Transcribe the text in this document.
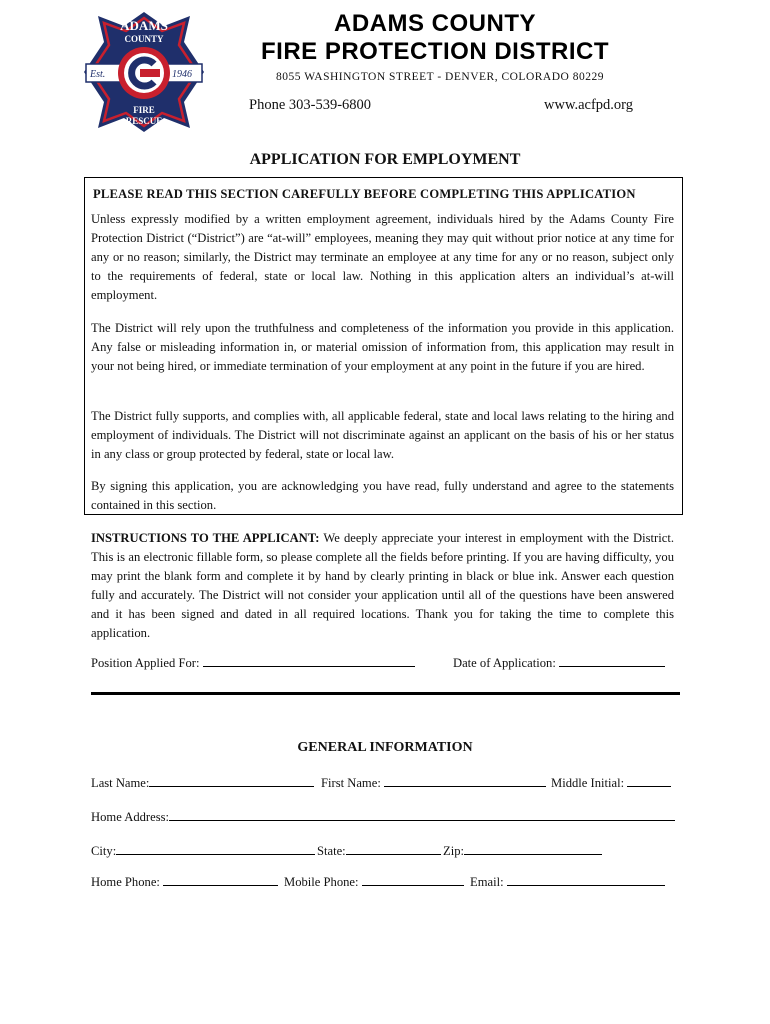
Est.	1946
ADAMS
COUNTY
FIRE
RESCUE
ADAMS COUNTY
FIRE PROTECTION DISTRICT
8055 WASHINGTON STREET - DENVER, COLORADO 80229
Phone 303-539-6800	www.acfpd.org
APPLICATION FOR EMPLOYMENT
PLEASE READ THIS SECTION CAREFULLY BEFORE COMPLETING THIS APPLICATION
Unless expressly modified by a written employment agreement, individuals hired by the Adams County Fire Protection District (“District”) are “at-will” employees, meaning they may quit without prior notice at any time for any or no reason; similarly, the District may terminate an employee at any time for any or no reason, subject only to the requirements of federal, state or local law. Nothing in this application alters an individual’s at-will employment.
The District will rely upon the truthfulness and completeness of the information you provide in this application. Any false or misleading information in, or material omission of information from, this application may result in your not being hired, or immediate termination of your employment at any point in the future if you are hired.
The District fully supports, and complies with, all applicable federal, state and local laws relating to the hiring and employment of individuals. The District will not discriminate against an applicant on the basis of his or her status in any class or group protected by federal, state or local law.
By signing this application, you are acknowledging you have read, fully understand and agree to the statements contained in this section.
INSTRUCTIONS TO THE APPLICANT: We deeply appreciate your interest in employment with the District. This is an electronic fillable form, so please complete all the fields before printing. If you are having difficulty, you may print the blank form and complete it by hand by clearly printing in black or blue ink. Answer each question fully and accurately. The District will not consider your application until all of the questions have been answered and it has been signed and dated in all required locations. Thank you for taking the time to complete this application.
Position Applied For:	Date of Application:
GENERAL INFORMATION
Last Name:	First Name:	Middle Initial:
Home Address:
City:	State:	Zip:
Home Phone:	Mobile Phone:	Email:
